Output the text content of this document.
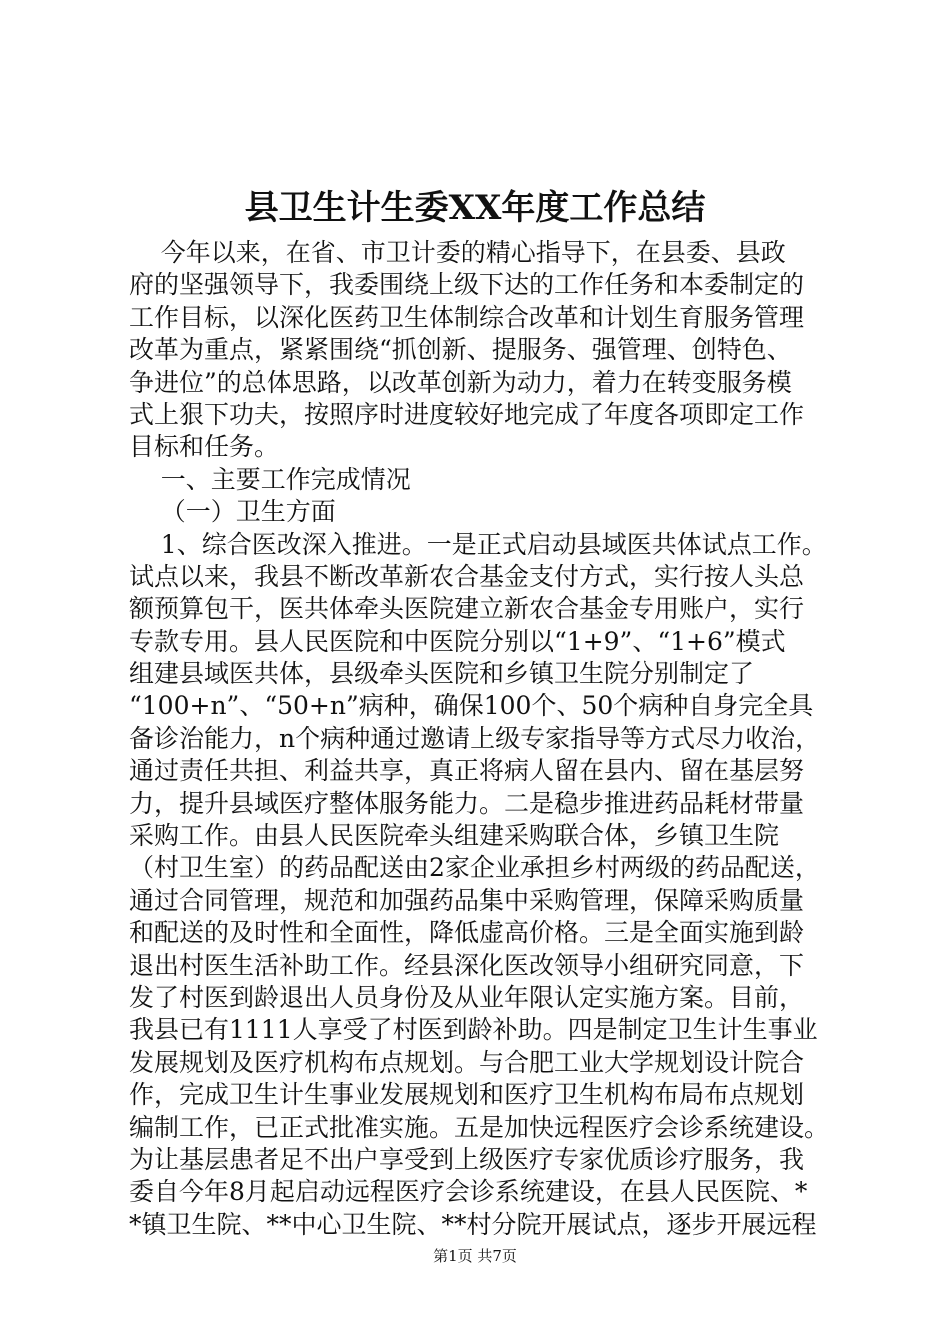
县卫生计生委XX年度工作总结
今年以来，在省、市卫计委的精心指导下，在县委、县政
府的坚强领导下，我委围绕上级下达的工作任务和本委制定的
工作目标，以深化医药卫生体制综合改革和计划生育服务管理
改革为重点，紧紧围绕“抓创新、提服务、强管理、创特色、
争进位”的总体思路，以改革创新为动力，着力在转变服务模
式上狠下功夫，按照序时进度较好地完成了年度各项即定工作
目标和任务。
一、主要工作完成情况
（一）卫生方面
1、综合医改深入推进。一是正式启动县域医共体试点工作。
试点以来，我县不断改革新农合基金支付方式，实行按人头总
额预算包干，医共体牵头医院建立新农合基金专用账户，实行
专款专用。县人民医院和中医院分别以“1+9”、“1+6”模式
组建县域医共体，县级牵头医院和乡镇卫生院分别制定了
“100+n”、“50+n”病种，确保100个、50个病种自身完全具
备诊治能力，n个病种通过邀请上级专家指导等方式尽力收治，
通过责任共担、利益共享，真正将病人留在县内、留在基层努
力，提升县域医疗整体服务能力。二是稳步推进药品耗材带量
采购工作。由县人民医院牵头组建采购联合体，乡镇卫生院
（村卫生室）的药品配送由2家企业承担乡村两级的药品配送，
通过合同管理，规范和加强药品集中采购管理，保障采购质量
和配送的及时性和全面性，降低虚高价格。三是全面实施到龄
退出村医生活补助工作。经县深化医改领导小组研究同意，下
发了村医到龄退出人员身份及从业年限认定实施方案。目前，
我县已有1111人享受了村医到龄补助。四是制定卫生计生事业
发展规划及医疗机构布点规划。与合肥工业大学规划设计院合
作，完成卫生计生事业发展规划和医疗卫生机构布局布点规划
编制工作，已正式批准实施。五是加快远程医疗会诊系统建设。
为让基层患者足不出户享受到上级医疗专家优质诊疗服务，我
委自今年8月起启动远程医疗会诊系统建设，在县人民医院、*
*镇卫生院、**中心卫生院、**村分院开展试点，逐步开展远程
第1页 共7页
